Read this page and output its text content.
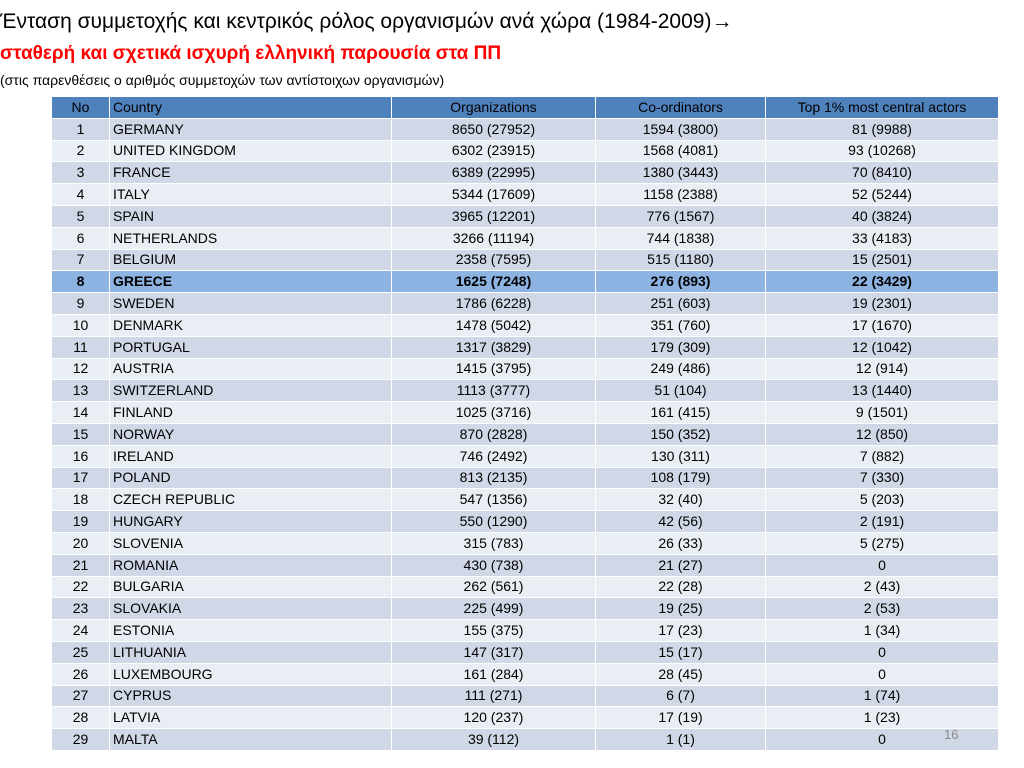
Ένταση συμμετοχής και κεντρικός ρόλος οργανισμών ανά χώρα (1984-2009)→
σταθερή και σχετικά ισχυρή ελληνική παρουσία στα ΠΠ
(στις παρενθέσεις ο αριθμός συμμετοχών των αντίστοιχων οργανισμών)
No	Country	Organizations	Co-ordinators	Top 1% most central actors
1	GERMANY	8650 (27952)	1594 (3800)	81 (9988)
2	UNITED KINGDOM	6302 (23915)	1568 (4081)	93 (10268)
3	FRANCE	6389 (22995)	1380 (3443)	70 (8410)
4	ITALY	5344 (17609)	1158 (2388)	52 (5244)
5	SPAIN	3965 (12201)	776 (1567)	40 (3824)
6	NETHERLANDS	3266 (11194)	744 (1838)	33 (4183)
7	BELGIUM	2358 (7595)	515 (1180)	15 (2501)
8	GREECE	1625 (7248)	276 (893)	22 (3429)
9	SWEDEN	1786 (6228)	251 (603)	19 (2301)
10	DENMARK	1478 (5042)	351 (760)	17 (1670)
11	PORTUGAL	1317 (3829)	179 (309)	12 (1042)
12	AUSTRIA	1415 (3795)	249 (486)	12 (914)
13	SWITZERLAND	1113 (3777)	51 (104)	13 (1440)
14	FINLAND	1025 (3716)	161 (415)	9 (1501)
15	NORWAY	870 (2828)	150 (352)	12 (850)
16	IRELAND	746 (2492)	130 (311)	7 (882)
17	POLAND	813 (2135)	108 (179)	7 (330)
18	CZECH REPUBLIC	547 (1356)	32 (40)	5 (203)
19	HUNGARY	550 (1290)	42 (56)	2 (191)
20	SLOVENIA	315 (783)	26 (33)	5 (275)
21	ROMANIA	430 (738)	21 (27)	0
22	BULGARIA	262 (561)	22 (28)	2 (43)
23	SLOVAKIA	225 (499)	19 (25)	2 (53)
24	ESTONIA	155 (375)	17 (23)	1 (34)
25	LITHUANIA	147 (317)	15 (17)	0
26	LUXEMBOURG	161 (284)	28 (45)	0
27	CYPRUS	111 (271)	6 (7)	1 (74)
28	LATVIA	120 (237)	17 (19)	1 (23)
29	MALTA	39 (112)	1 (1)	0	16
